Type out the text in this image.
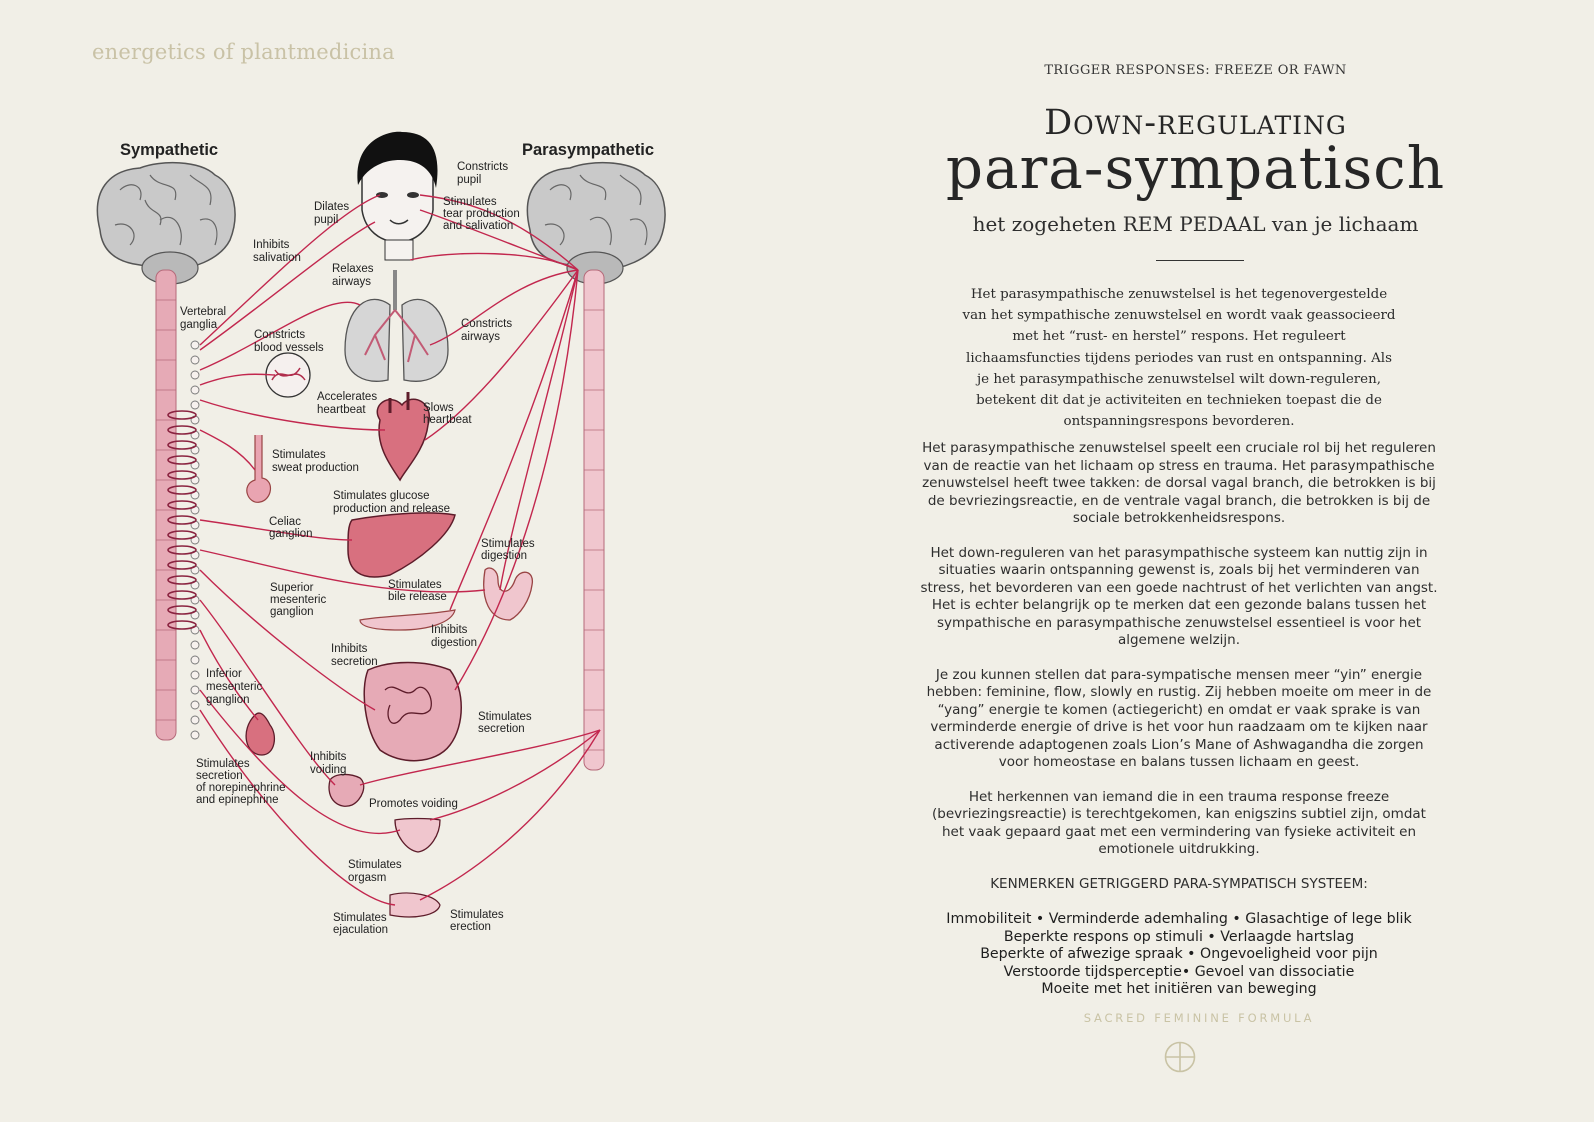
energetics of plantmedicina
Sympathetic	Parasympathetic
Constricts
pupil
Dilates
pupil
Stimulates
tear production
and salivation
Inhibits
salivation
Relaxes
airways
Vertebral
ganglia
Constricts
blood vessels
Constricts
airways
Accelerates
heartbeat	Slows
heartbeat
Stimulates
sweat production
Stimulates glucose
production and release
Celiac
ganglion
Stimulates
digestion
Superior
mesenteric
ganglion
Stimulates
bile release
Inhibits
digestion
Inhibits
secretion
Inferior
mesenteric
ganglion
Stimulates
secretion
Stimulates
secretion
of norepinephrine
and epinephrine
Inhibits
voiding
Promotes voiding
Stimulates
orgasm
Stimulates
ejaculation
Stimulates
erection
TRIGGER RESPONSES: FREEZE OR FAWN
Down-regulating
para-sympatisch
het zogeheten REM PEDAAL van je lichaam
Het parasympathische zenuwstelsel is het tegenovergestelde van het sympathische zenuwstelsel en wordt vaak geassocieerd met het “rust- en herstel” respons. Het reguleert lichaamsfuncties tijdens periodes van rust en ontspanning. Als je het parasympathische zenuwstelsel wilt down-reguleren, betekent dit dat je activiteiten en technieken toepast die de ontspanningsrespons bevorderen.

Het parasympathische zenuwstelsel speelt een cruciale rol bij het reguleren van de reactie van het lichaam op stress en trauma. Het parasympathische zenuwstelsel heeft twee takken: de dorsal vagal branch, die betrokken is bij de bevriezingsreactie, en de ventrale vagal branch, die betrokken is bij de sociale betrokkenheidsrespons.

Het down-reguleren van het parasympathische systeem kan nuttig zijn in situaties waarin ontspanning gewenst is, zoals bij het verminderen van stress, het bevorderen van een goede nachtrust of het verlichten van angst. Het is echter belangrijk op te merken dat een gezonde balans tussen het sympathische en parasympathische zenuwstelsel essentieel is voor het algemene welzijn.

Je zou kunnen stellen dat para-sympatische mensen meer “yin” energie hebben: feminine, flow, slowly en rustig. Zij hebben moeite om meer in de “yang” energie te komen (actiegericht) en omdat er vaak sprake is van verminderde energie of drive is het voor hun raadzaam om te kijken naar activerende adaptogenen zoals Lion’s Mane of Ashwagandha die zorgen voor homeostase en balans tussen lichaam en geest.

Het herkennen van iemand die in een trauma response freeze (bevriezingsreactie) is terechtgekomen, kan enigszins subtiel zijn, omdat het vaak gepaard gaat met een vermindering van fysieke activiteit en emotionele uitdrukking.

KENMERKEN GETRIGGERD PARA-SYMPATISCH SYSTEEM:

Immobiliteit • Verminderde ademhaling • Glasachtige of lege blik
Beperkte respons op stimuli • Verlaagde hartslag
Beperkte of afwezige spraak • Ongevoeligheid voor pijn
Verstoorde tijdsperceptie• Gevoel van dissociatie
Moeite met het initiëren van beweging
SACRED FEMININE FORMULA
